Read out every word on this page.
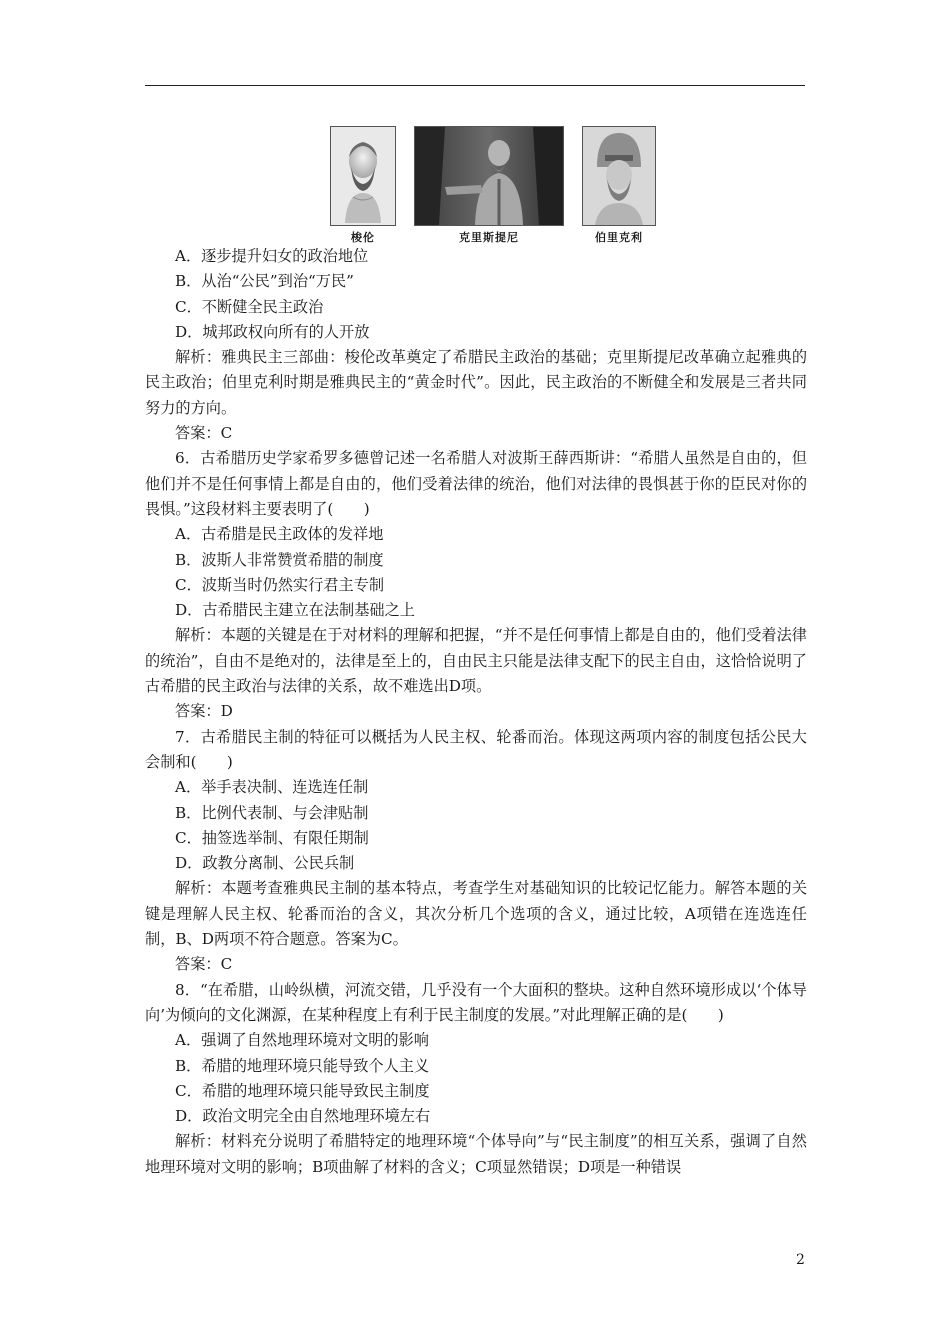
梭伦	克里斯提尼	伯里克利

A．逐步提升妇女的政治地位

B．从治“公民”到治“万民”

C．不断健全民主政治

D．城邦政权向所有的人开放

解析：雅典民主三部曲：梭伦改革奠定了希腊民主政治的基础；克里斯提尼改革确立起雅典的民主政治；伯里克利时期是雅典民主的“黄金时代”。因此，民主政治的不断健全和发展是三者共同努力的方向。

答案：C

6．古希腊历史学家希罗多德曾记述一名希腊人对波斯王薛西斯讲：“希腊人虽然是自由的，但他们并不是任何事情上都是自由的，他们受着法律的统治，他们对法律的畏惧甚于你的臣民对你的畏惧。”这段材料主要表明了(　　)

A．古希腊是民主政体的发祥地

B．波斯人非常赞赏希腊的制度

C．波斯当时仍然实行君主专制

D．古希腊民主建立在法制基础之上

解析：本题的关键是在于对材料的理解和把握，“并不是任何事情上都是自由的，他们受着法律的统治”，自由不是绝对的，法律是至上的，自由民主只能是法律支配下的民主自由，这恰恰说明了古希腊的民主政治与法律的关系，故不难选出D项。

答案：D

7．古希腊民主制的特征可以概括为人民主权、轮番而治。体现这两项内容的制度包括公民大会制和(　　)

A．举手表决制、连选连任制

B．比例代表制、与会津贴制

C．抽签选举制、有限任期制

D．政教分离制、公民兵制

解析：本题考查雅典民主制的基本特点，考查学生对基础知识的比较记忆能力。解答本题的关键是理解人民主权、轮番而治的含义，其次分析几个选项的含义，通过比较，A项错在连选连任制，B、D两项不符合题意。答案为C。

答案：C

8．“在希腊，山岭纵横，河流交错，几乎没有一个大面积的整块。这种自然环境形成以‘个体导向’为倾向的文化渊源，在某种程度上有利于民主制度的发展。”对此理解正确的是(　　)

A．强调了自然地理环境对文明的影响

B．希腊的地理环境只能导致个人主义

C．希腊的地理环境只能导致民主制度

D．政治文明完全由自然地理环境左右

解析：材料充分说明了希腊特定的地理环境“个体导向”与“民主制度”的相互关系，强调了自然地理环境对文明的影响；B项曲解了材料的含义；C项显然错误；D项是一种错误

2
